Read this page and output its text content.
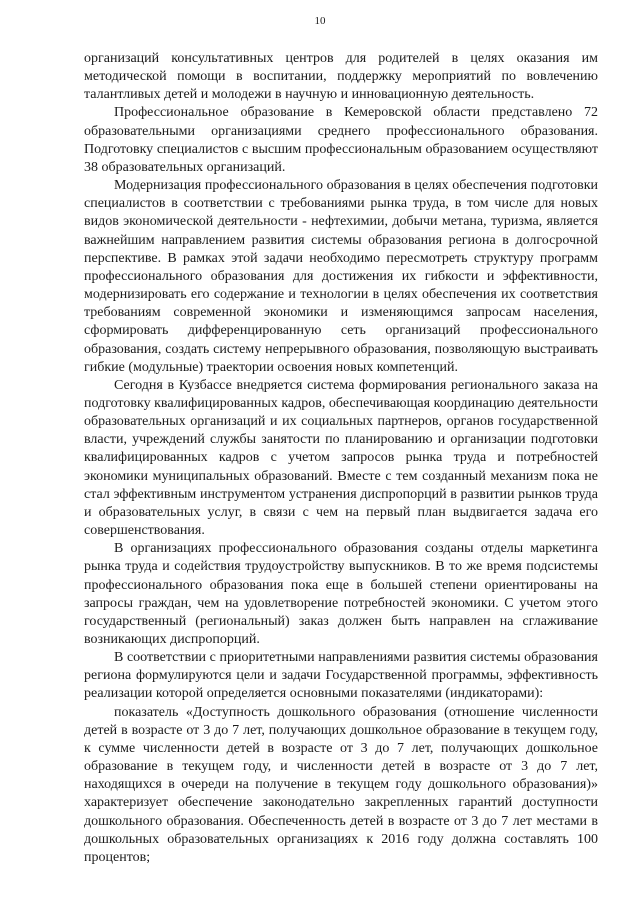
10

организаций консультативных центров для родителей в целях оказания им методической помощи в воспитании, поддержку мероприятий по вовлечению талантливых детей и молодежи в научную и инновационную деятельность.

Профессиональное образование в Кемеровской области представлено 72 образовательными организациями среднего профессионального образования. Подготовку специалистов с высшим профессиональным образованием осуществляют 38 образовательных организаций.

Модернизация профессионального образования в целях обеспечения подготовки специалистов в соответствии с требованиями рынка труда, в том числе для новых видов экономической деятельности - нефтехимии, добычи метана, туризма, является важнейшим направлением развития системы образования региона в долгосрочной перспективе. В рамках этой задачи необходимо пересмотреть структуру программ профессионального образования для достижения их гибкости и эффективности, модернизировать его содержание и технологии в целях обеспечения их соответствия требованиям современной экономики и изменяющимся запросам населения, сформировать дифференцированную сеть организаций профессионального образования, создать систему непрерывного образования, позволяющую выстраивать гибкие (модульные) траектории освоения новых компетенций.

Сегодня в Кузбассе внедряется система формирования регионального заказа на подготовку квалифицированных кадров, обеспечивающая координацию деятельности образовательных организаций и их социальных партнеров, органов государственной власти, учреждений службы занятости по планированию и организации подготовки квалифицированных кадров с учетом запросов рынка труда и потребностей экономики муниципальных образований. Вместе с тем созданный механизм пока не стал эффективным инструментом устранения диспропорций в развитии рынков труда и образовательных услуг, в связи с чем на первый план выдвигается задача его совершенствования.

В организациях профессионального образования созданы отделы маркетинга рынка труда и содействия трудоустройству выпускников. В то же время подсистемы профессионального образования пока еще в большей степени ориентированы на запросы граждан, чем на удовлетворение потребностей экономики. С учетом этого государственный (региональный) заказ должен быть направлен на сглаживание возникающих диспропорций.

В соответствии с приоритетными направлениями развития системы образования региона формулируются цели и задачи Государственной программы, эффективность реализации которой определяется основными показателями (индикаторами):

показатель «Доступность дошкольного образования (отношение численности детей в возрасте от 3 до 7 лет, получающих дошкольное образование в текущем году, к сумме численности детей в возрасте от 3 до 7 лет, получающих дошкольное образование в текущем году, и численности детей в возрасте от 3 до 7 лет, находящихся в очереди на получение в текущем году дошкольного образования)» характеризует обеспечение законодательно закрепленных гарантий доступности дошкольного образования. Обеспеченность детей в возрасте от 3 до 7 лет местами в дошкольных образовательных организациях к 2016 году должна составлять 100 процентов;
